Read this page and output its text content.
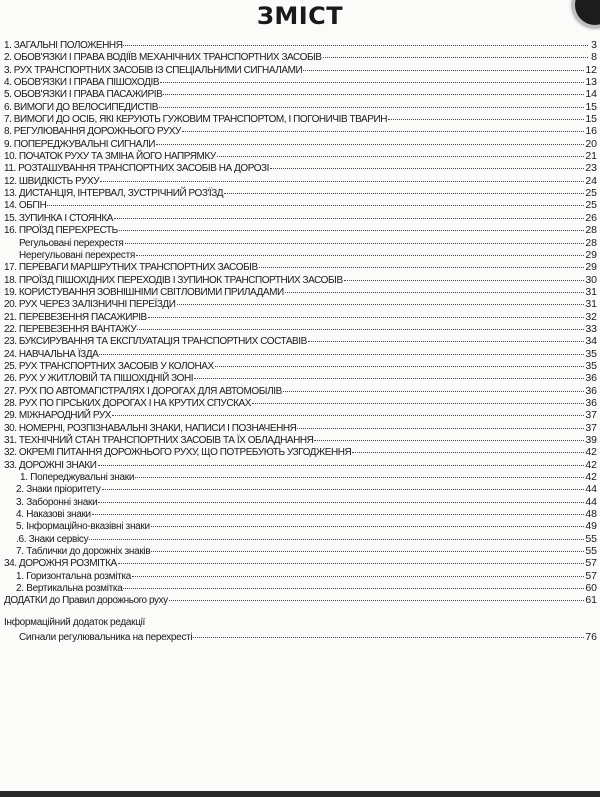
ЗМІСТ
1. ЗАГАЛЬНІ ПОЛОЖЕННЯ	3
2. ОБОВ'ЯЗКИ І ПРАВА ВОДІЇВ МЕХАНІЧНИХ ТРАНСПОРТНИХ ЗАСОБІВ	8
3. РУХ ТРАНСПОРТНИХ ЗАСОБІВ ІЗ СПЕЦІАЛЬНИМИ СИГНАЛАМИ	12
4. ОБОВ'ЯЗКИ І ПРАВА ПІШОХОДІВ	13
5. ОБОВ'ЯЗКИ І ПРАВА ПАСАЖИРІВ	14
6. ВИМОГИ ДО ВЕЛОСИПЕДИСТІВ	15
7. ВИМОГИ ДО ОСІБ, ЯКІ КЕРУЮТЬ ГУЖОВИМ ТРАНСПОРТОМ, І ПОГОНИЧІВ ТВАРИН	15
8. РЕГУЛЮВАННЯ ДОРОЖНЬОГО РУХУ	16
9. ПОПЕРЕДЖУВАЛЬНІ СИГНАЛИ	20
10. ПОЧАТОК РУХУ ТА ЗМІНА ЙОГО НАПРЯМКУ	21
11. РОЗТАШУВАННЯ ТРАНСПОРТНИХ ЗАСОБІВ НА ДОРОЗІ	23
12. ШВИДКІСТЬ РУХУ	24
13. ДИСТАНЦІЯ, ІНТЕРВАЛ, ЗУСТРІЧНИЙ РОЗ'ЇЗД	25
14. ОБГІН	25
15. ЗУПИНКА І СТОЯНКА	26
16. ПРОЇЗД ПЕРЕХРЕСТЬ	28
Регульовані перехрестя	28
Нерегульовані перехрестя	29
17. ПЕРЕВАГИ МАРШРУТНИХ ТРАНСПОРТНИХ ЗАСОБІВ	29
18. ПРОЇЗД ПІШОХІДНИХ ПЕРЕХОДІВ І ЗУПИНОК ТРАНСПОРТНИХ ЗАСОБІВ	30
19. КОРИСТУВАННЯ ЗОВНІШНІМИ СВІТЛОВИМИ ПРИЛАДАМИ	31
20. РУХ ЧЕРЕЗ ЗАЛІЗНИЧНІ ПЕРЕЇЗДИ	31
21. ПЕРЕВЕЗЕННЯ ПАСАЖИРІВ	32
22. ПЕРЕВЕЗЕННЯ ВАНТАЖУ	33
23. БУКСИРУВАННЯ ТА ЕКСПЛУАТАЦІЯ ТРАНСПОРТНИХ СОСТАВІВ	34
24. НАВЧАЛЬНА ЇЗДА	35
25. РУХ ТРАНСПОРТНИХ ЗАСОБІВ У КОЛОНАХ	35
26. РУХ У ЖИТЛОВІЙ ТА ПІШОХІДНІЙ ЗОНІ	36
27. РУХ ПО АВТОМАГІСТРАЛЯХ І ДОРОГАХ ДЛЯ АВТОМОБІЛІВ	36
28. РУХ ПО ГІРСЬКИХ ДОРОГАХ І НА КРУТИХ СПУСКАХ	36
29. МІЖНАРОДНИЙ РУХ	37
30. НОМЕРНІ, РОЗПІЗНАВАЛЬНІ ЗНАКИ, НАПИСИ І ПОЗНАЧЕННЯ	37
31. ТЕХНІЧНИЙ СТАН ТРАНСПОРТНИХ ЗАСОБІВ ТА ЇХ ОБЛАДНАННЯ	39
32. ОКРЕМІ ПИТАННЯ ДОРОЖНЬОГО РУХУ, ЩО ПОТРЕБУЮТЬ УЗГОДЖЕННЯ	42
33. ДОРОЖНІ ЗНАКИ	42
1. Попереджувальні знаки	42
2. Знаки пріоритету	44
3. Заборонні знаки	44
4. Наказові знаки	48
5. Інформаційно-вказівні знаки	49
.6. Знаки сервісу	55
7. Таблички до дорожніх знаків	55
34. ДОРОЖНЯ РОЗМІТКА	57
1. Горизонтальна розмітка	57
2. Вертикальна розмітка	60
ДОДАТКИ до Правил дорожнього руху	61
Інформаційний додаток редакції
Сигнали регулювальника на перехресті	76
